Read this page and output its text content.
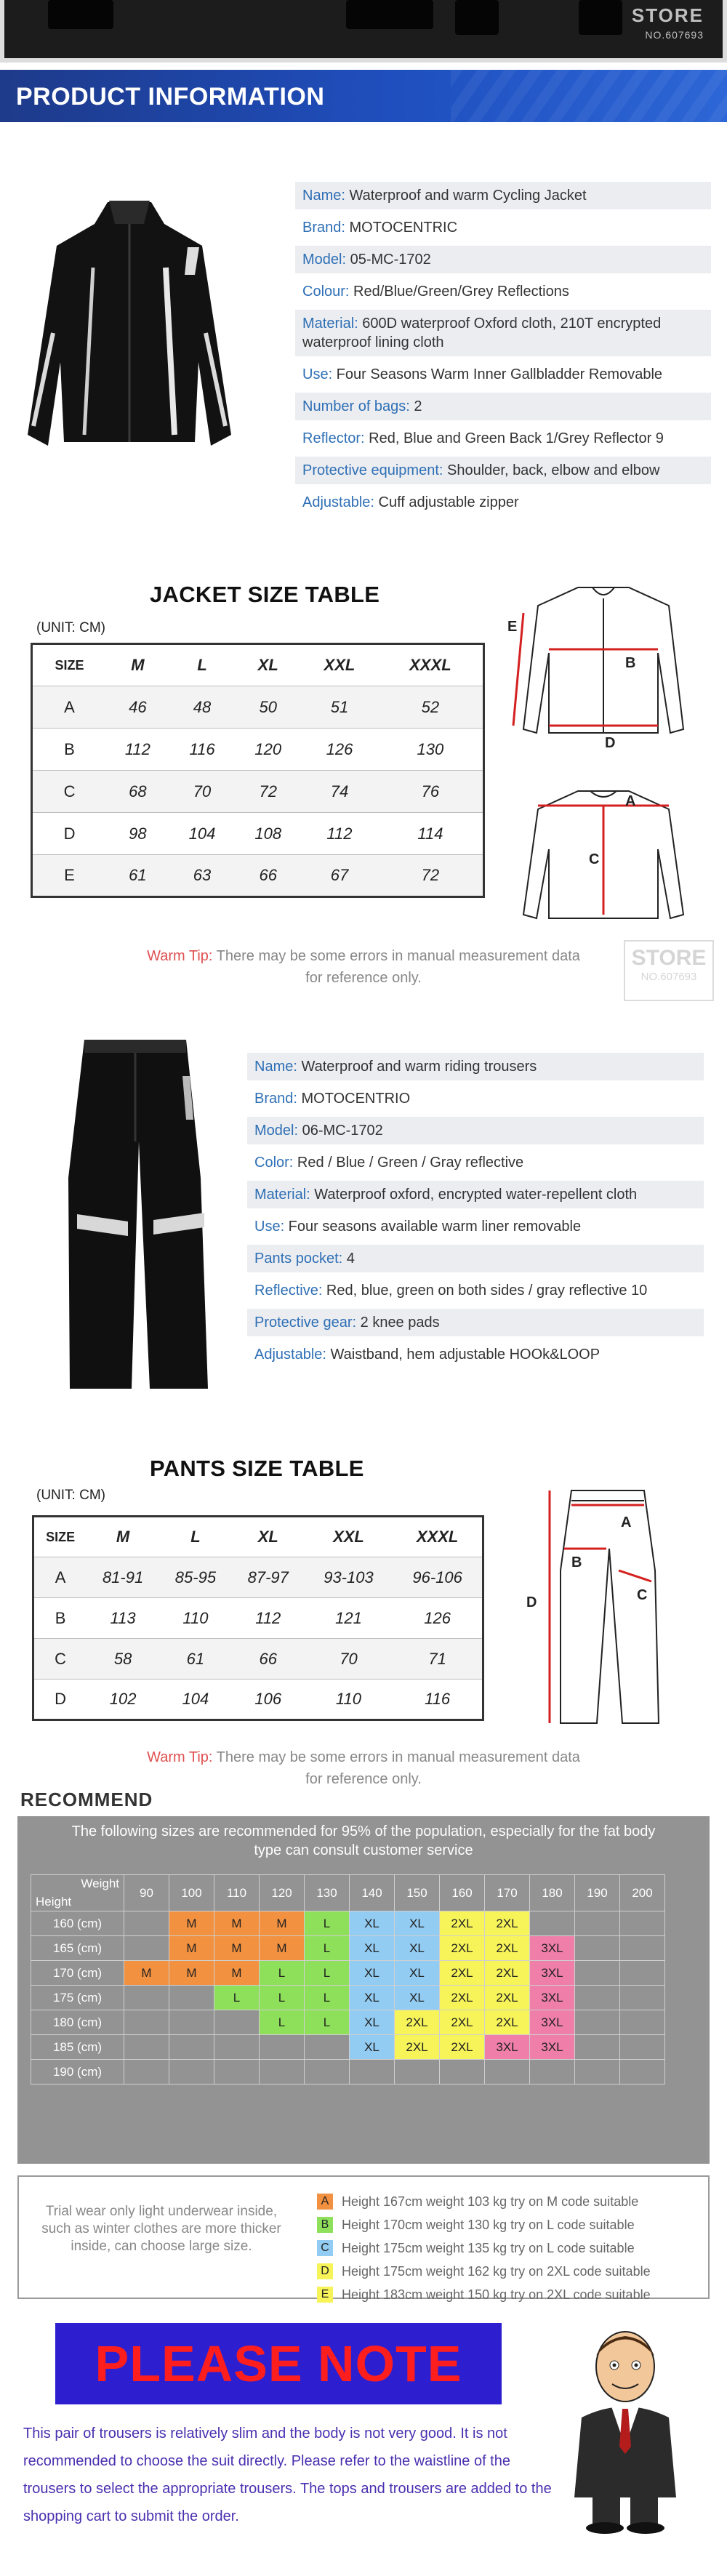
STORE
NO.607693
PRODUCT INFORMATION
Name: Waterproof and warm Cycling Jacket
Brand: MOTOCENTRIC
Model: 05-MC-1702
Colour: Red/Blue/Green/Grey Reflections
Material: 600D waterproof Oxford cloth, 210T encrypted waterproof lining cloth
Use: Four Seasons Warm Inner Gallbladder Removable
Number of bags: 2
Reflector: Red, Blue and Green Back 1/Grey Reflector 9
Protective equipment: Shoulder, back, elbow and elbow
Adjustable: Cuff adjustable zipper
JACKET SIZE TABLE
(UNIT: CM)
SIZE	M	L	XL	XXL	XXXL
A	46	48	50	51	52
B	112	116	120	126	130
C	68	70	72	74	76
D	98	104	108	112	114
E	61	63	66	67	72
E
B
D
A
C
Warm Tip: There may be some errors in manual measurement data
for reference only.
STORE
NO.607693
Name: Waterproof and warm riding trousers
Brand: MOTOCENTRIO
Model: 06-MC-1702
Color: Red / Blue / Green / Gray reflective
Material: Waterproof oxford, encrypted water-repellent cloth
Use: Four seasons available warm liner removable
Pants pocket: 4
Reflective: Red, blue, green on both sides / gray reflective 10
Protective gear: 2 knee pads
Adjustable: Waistband, hem adjustable HOOk&LOOP
PANTS SIZE TABLE
(UNIT: CM)
SIZE	M	L	XL	XXL	XXXL
A	81-91	85-95	87-97	93-103	96-106
B	113	110	112	121	126
C	58	61	66	70	71
D	102	104	106	110	116
A
B
C
D
Warm Tip: There may be some errors in manual measurement data
for reference only.
RECOMMEND
The following sizes are recommended for 95% of the population, especially for the fat body
type can consult customer service
Weight
Height	90	100	110	120	130	140	150	160	170	180	190	200
160 (cm)		M	M	M	L	XL	XL	2XL	2XL			
165 (cm)		M	M	M	L	XL	XL	2XL	2XL	3XL		
170 (cm)	M	M	M	L	L	XL	XL	2XL	2XL	3XL		
175 (cm)			L	L	L	XL	XL	2XL	2XL	3XL		
180 (cm)				L	L	XL	2XL	2XL	2XL	3XL		
185 (cm)						XL	2XL	2XL	3XL	3XL		
190 (cm)												
Trial wear only light underwear inside, such as winter clothes are more thicker inside, can choose large size.
A Height 167cm weight 103 kg try on M code suitable
B Height 170cm weight 130 kg try on L code suitable
C Height 175cm weight 135 kg try on L code suitable
D Height 175cm weight 162 kg try on 2XL code suitable
E Height 183cm weight 150 kg try on 2XL code suitable
PLEASE NOTE
This pair of trousers is relatively slim and the body is not very good. It is not recommended to choose the suit directly. Please refer to the waistline of the trousers to select the appropriate trousers. The tops and trousers are added to the shopping cart to submit the order.
